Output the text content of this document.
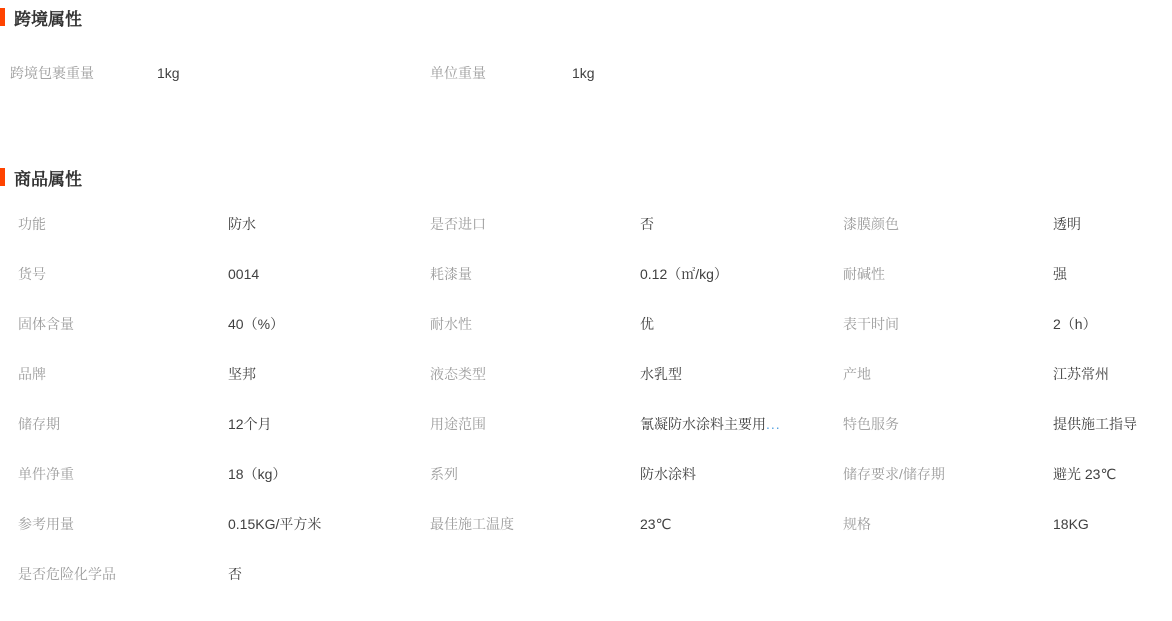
跨境属性
跨境包裹重量	1kg	单位重量	1kg
商品属性
功能	防水	是否进口	否	漆膜颜色	透明
货号	0014	耗漆量	0.12（㎡/kg）	耐碱性	强
固体含量	40（%）	耐水性	优	表干时间	2（h）
品牌	坚邦	液态类型	水乳型	产地	江苏常州
储存期	12个月	用途范围	氰凝防水涂料主要用...	特色服务	提供施工指导
单件净重	18（kg）	系列	防水涂料	储存要求/储存期	避光 23℃
参考用量	0.15KG/平方米	最佳施工温度	23℃	规格	18KG
是否危险化学品	否
